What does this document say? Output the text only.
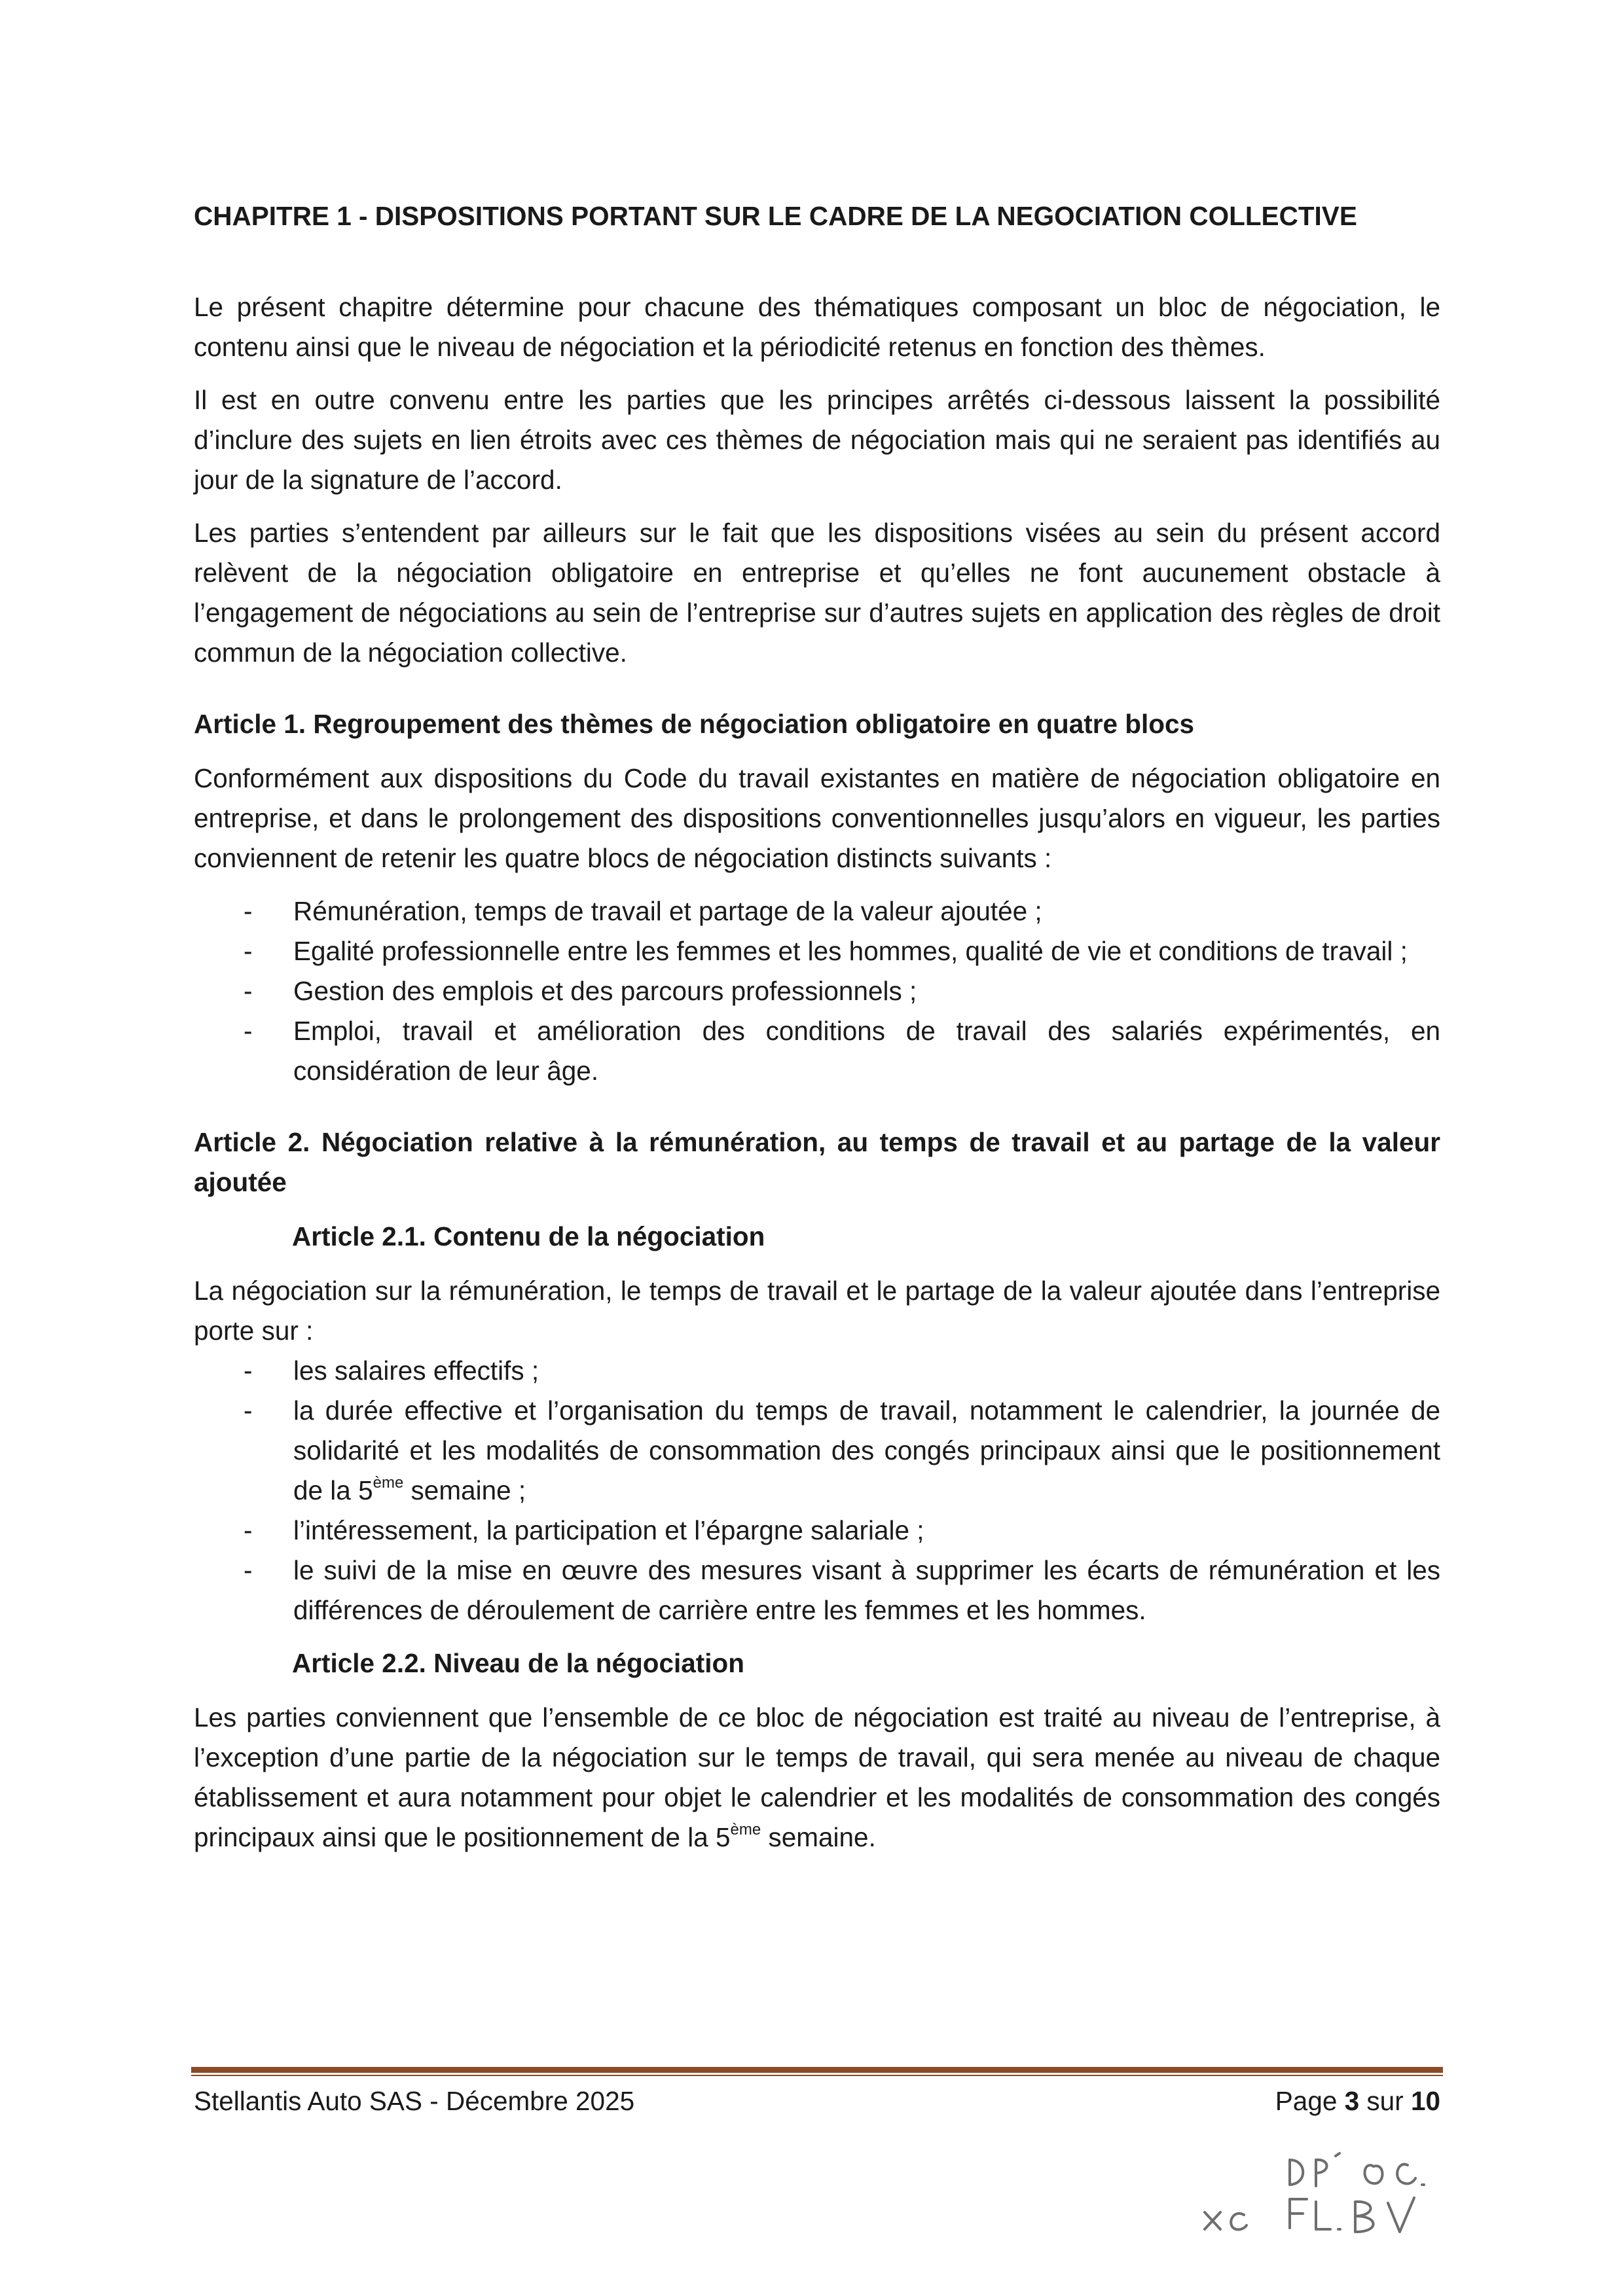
CHAPITRE 1 - DISPOSITIONS PORTANT SUR LE CADRE DE LA NEGOCIATION COLLECTIVE

Le présent chapitre détermine pour chacune des thématiques composant un bloc de négociation, le contenu ainsi que le niveau de négociation et la périodicité retenus en fonction des thèmes.

Il est en outre convenu entre les parties que les principes arrêtés ci-dessous laissent la possibilité d’inclure des sujets en lien étroits avec ces thèmes de négociation mais qui ne seraient pas identifiés au jour de la signature de l’accord.

Les parties s’entendent par ailleurs sur le fait que les dispositions visées au sein du présent accord relèvent de la négociation obligatoire en entreprise et qu’elles ne font aucunement obstacle à l’engagement de négociations au sein de l’entreprise sur d’autres sujets en application des règles de droit commun de la négociation collective.

Article 1. Regroupement des thèmes de négociation obligatoire en quatre blocs

Conformément aux dispositions du Code du travail existantes en matière de négociation obligatoire en entreprise, et dans le prolongement des dispositions conventionnelles jusqu’alors en vigueur, les parties conviennent de retenir les quatre blocs de négociation distincts suivants :

- Rémunération, temps de travail et partage de la valeur ajoutée ;
- Egalité professionnelle entre les femmes et les hommes, qualité de vie et conditions de travail ;
- Gestion des emplois et des parcours professionnels ;
- Emploi, travail et amélioration des conditions de travail des salariés expérimentés, en considération de leur âge.
Article 2. Négociation relative à la rémunération, au temps de travail et au partage de la valeur ajoutée
Article 2.1. Contenu de la négociation

La négociation sur la rémunération, le temps de travail et le partage de la valeur ajoutée dans l’entreprise porte sur :

- les salaires effectifs ;
- la durée effective et l’organisation du temps de travail, notamment le calendrier, la journée de solidarité et les modalités de consommation des congés principaux ainsi que le positionnement de la 5ème semaine ;
- l’intéressement, la participation et l’épargne salariale ;
- le suivi de la mise en œuvre des mesures visant à supprimer les écarts de rémunération et les différences de déroulement de carrière entre les femmes et les hommes.
Article 2.2. Niveau de la négociation

Les parties conviennent que l’ensemble de ce bloc de négociation est traité au niveau de l’entreprise, à l’exception d’une partie de la négociation sur le temps de travail, qui sera menée au niveau de chaque établissement et aura notamment pour objet le calendrier et les modalités de consommation des congés principaux ainsi que le positionnement de la 5ème semaine.

Stellantis Auto SAS - Décembre 2025	Page 3 sur 10
